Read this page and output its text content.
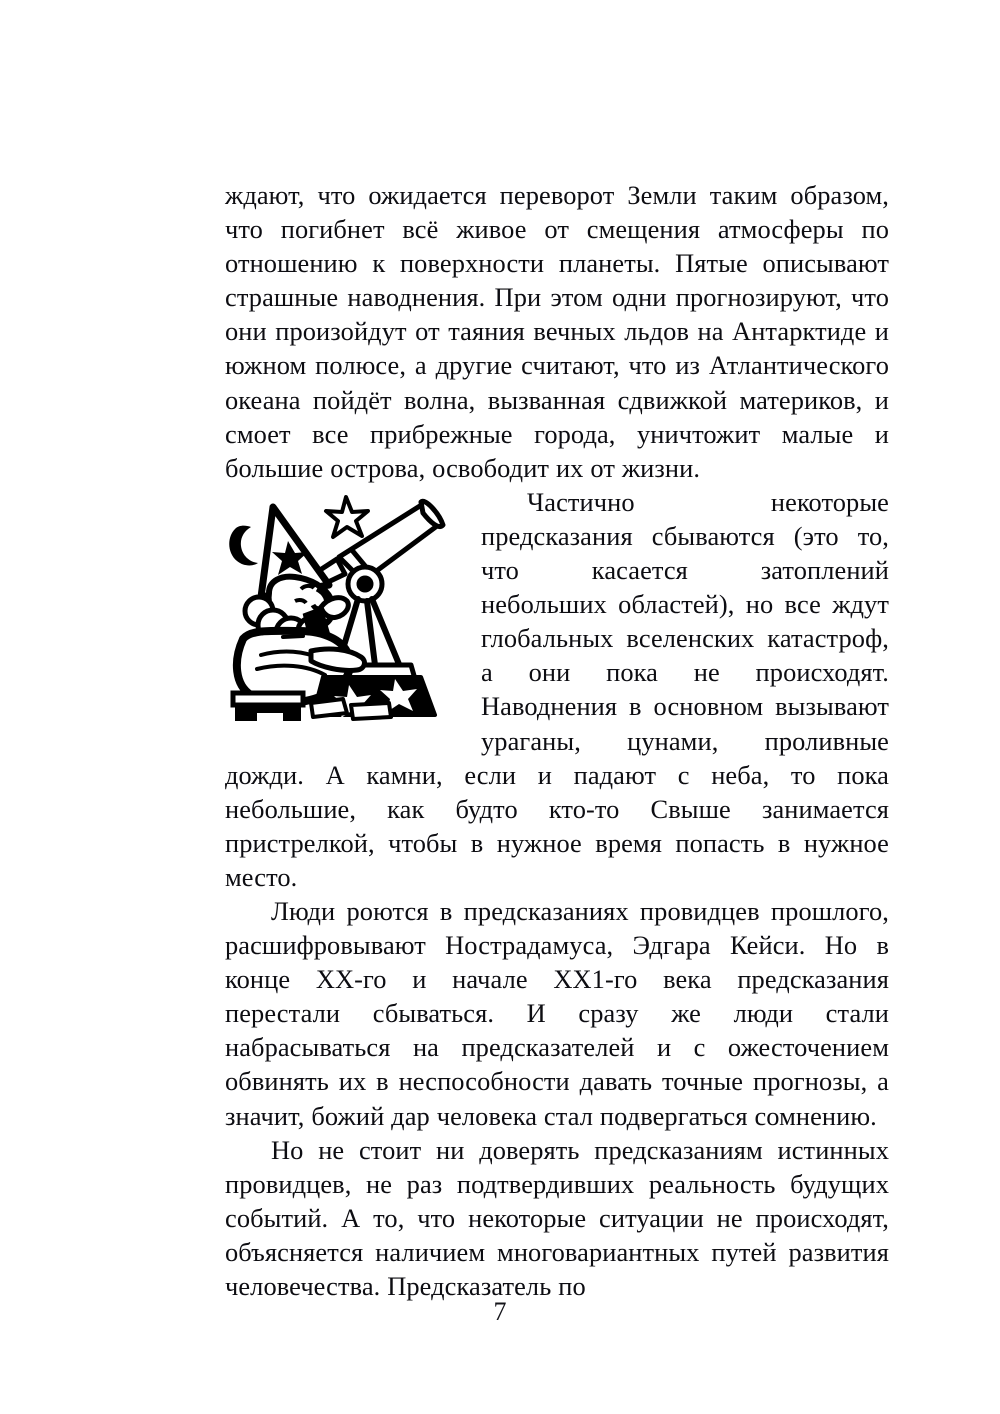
ждают, что ожидается переворот Земли таким образом, что погибнет всё живое от смещения атмосферы по отношению к поверхности планеты. Пятые описывают страшные наводнения. При этом одни прогнозируют, что они произойдут от таяния вечных льдов на Антарктиде и южном полюсе, а другие считают, что из Атлантического океана пойдёт волна, вызванная сдвижкой материков, и смоет все прибрежные города, уничтожит малые и большие острова, освободит их от жизни.

Частично некоторые предсказания сбываются (это то, что касается затоплений небольших областей), но все ждут глобальных вселенских катастроф, а они пока не происходят. Наводнения в основном вызывают ураганы, цунами, проливные дожди. А камни, если и падают с неба, то пока небольшие, как будто кто-то Свыше занимается пристрелкой, чтобы в нужное время попасть в нужное место.

Люди роются в предсказаниях провидцев прошлого, расшифровывают Нострадамуса, Эдгара Кейси. Но в конце XX-го и начале XX1-го века предсказания перестали сбываться. И сразу же люди стали набрасываться на предсказателей и с ожесточением обвинять их в неспособности давать точные прогнозы, а значит, божий дар человека стал подвергаться сомнению.

Но не стоит ни доверять предсказаниям истинных провидцев, не раз подтвердивших реальность будущих событий. А то, что некоторые ситуации не происходят, объясняется наличием многовариантных путей развития человечества. Предсказатель по

7
